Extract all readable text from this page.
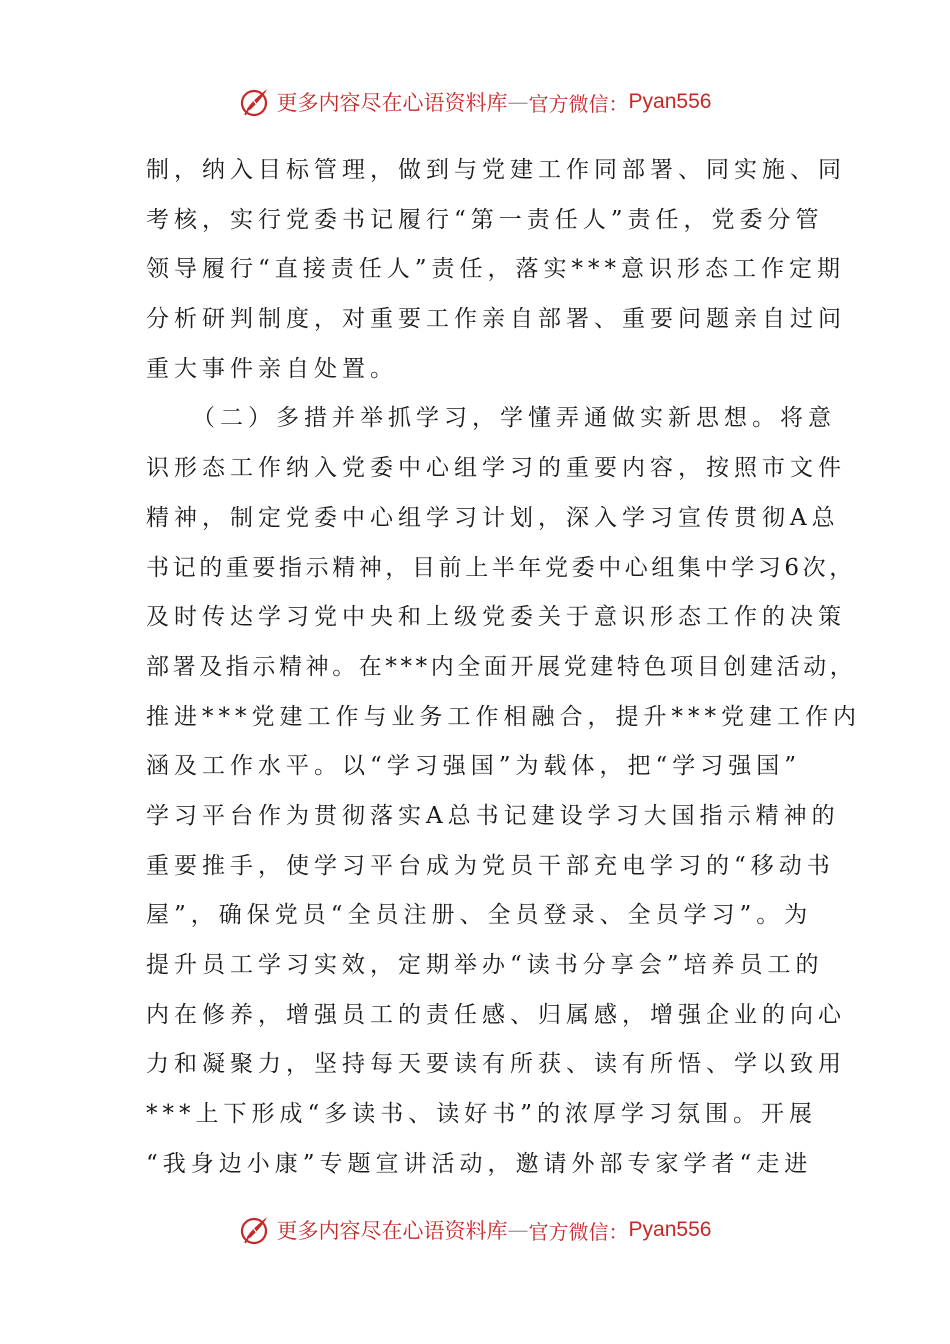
更多内容尽在心语资料库 — 官方微信： Pyan556
制，纳入目标管理，做到与党建工作同部署、同实施、同
考核，实行党委书记履行“第一责任人”责任，党委分管
领导履行“直接责任人”责任，落实***意识形态工作定期
分析研判制度，对重要工作亲自部署、重要问题亲自过问
重大事件亲自处置。
（二）多措并举抓学习，学懂弄通做实新思想。将意
识形态工作纳入党委中心组学习的重要内容，按照市文件
精神，制定党委中心组学习计划，深入学习宣传贯彻A总
书记的重要指示精神，目前上半年党委中心组集中学习6次，
及时传达学习党中央和上级党委关于意识形态工作的决策
部署及指示精神。在***内全面开展党建特色项目创建活动，
推进***党建工作与业务工作相融合，提升***党建工作内
涵及工作水平。以“学习强国”为载体，把“学习强国”
学习平台作为贯彻落实A总书记建设学习大国指示精神的
重要推手，使学习平台成为党员干部充电学习的“移动书
屋”，确保党员“全员注册、全员登录、全员学习”。为
提升员工学习实效，定期举办“读书分享会”培养员工的
内在修养，增强员工的责任感、归属感，增强企业的向心
力和凝聚力，坚持每天要读有所获、读有所悟、学以致用
***上下形成“多读书、读好书”的浓厚学习氛围。开展
“我身边小康”专题宣讲活动，邀请外部专家学者“走进
更多内容尽在心语资料库 — 官方微信： Pyan556
